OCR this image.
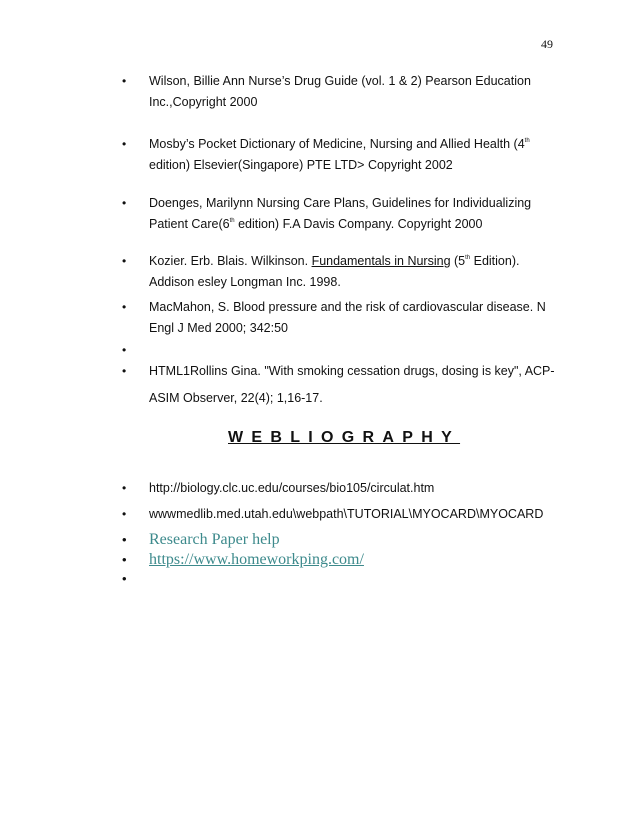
49
• Wilson, Billie Ann Nurse’s Drug Guide (vol. 1 & 2) Pearson Education
Inc.,Copyright 2000
• Mosby’s Pocket Dictionary of Medicine, Nursing and Allied Health (4th
edition) Elsevier(Singapore) PTE LTD> Copyright 2002
• Doenges, Marilynn Nursing Care Plans, Guidelines for Individualizing
Patient Care(6th edition) F.A Davis Company. Copyright 2000
• Kozier. Erb. Blais. Wilkinson. Fundamentals in Nursing (5th Edition).
Addison esley Longman Inc. 1998.
• MacMahon, S. Blood pressure and the risk of cardiovascular disease. N
Engl J Med 2000; 342:50
•
• HTML1Rollins Gina. "With smoking cessation drugs, dosing is key", ACP-
ASIM Observer, 22(4); 1,16-17.
WEBLIOGRAPHY
• http://biology.clc.uc.edu/courses/bio105/circulat.htm
• wwwmedlib.med.utah.edu\webpath\TUTORIAL\MYOCARD\MYOCARD
• Research Paper help
• https://www.homeworkping.com/
•
